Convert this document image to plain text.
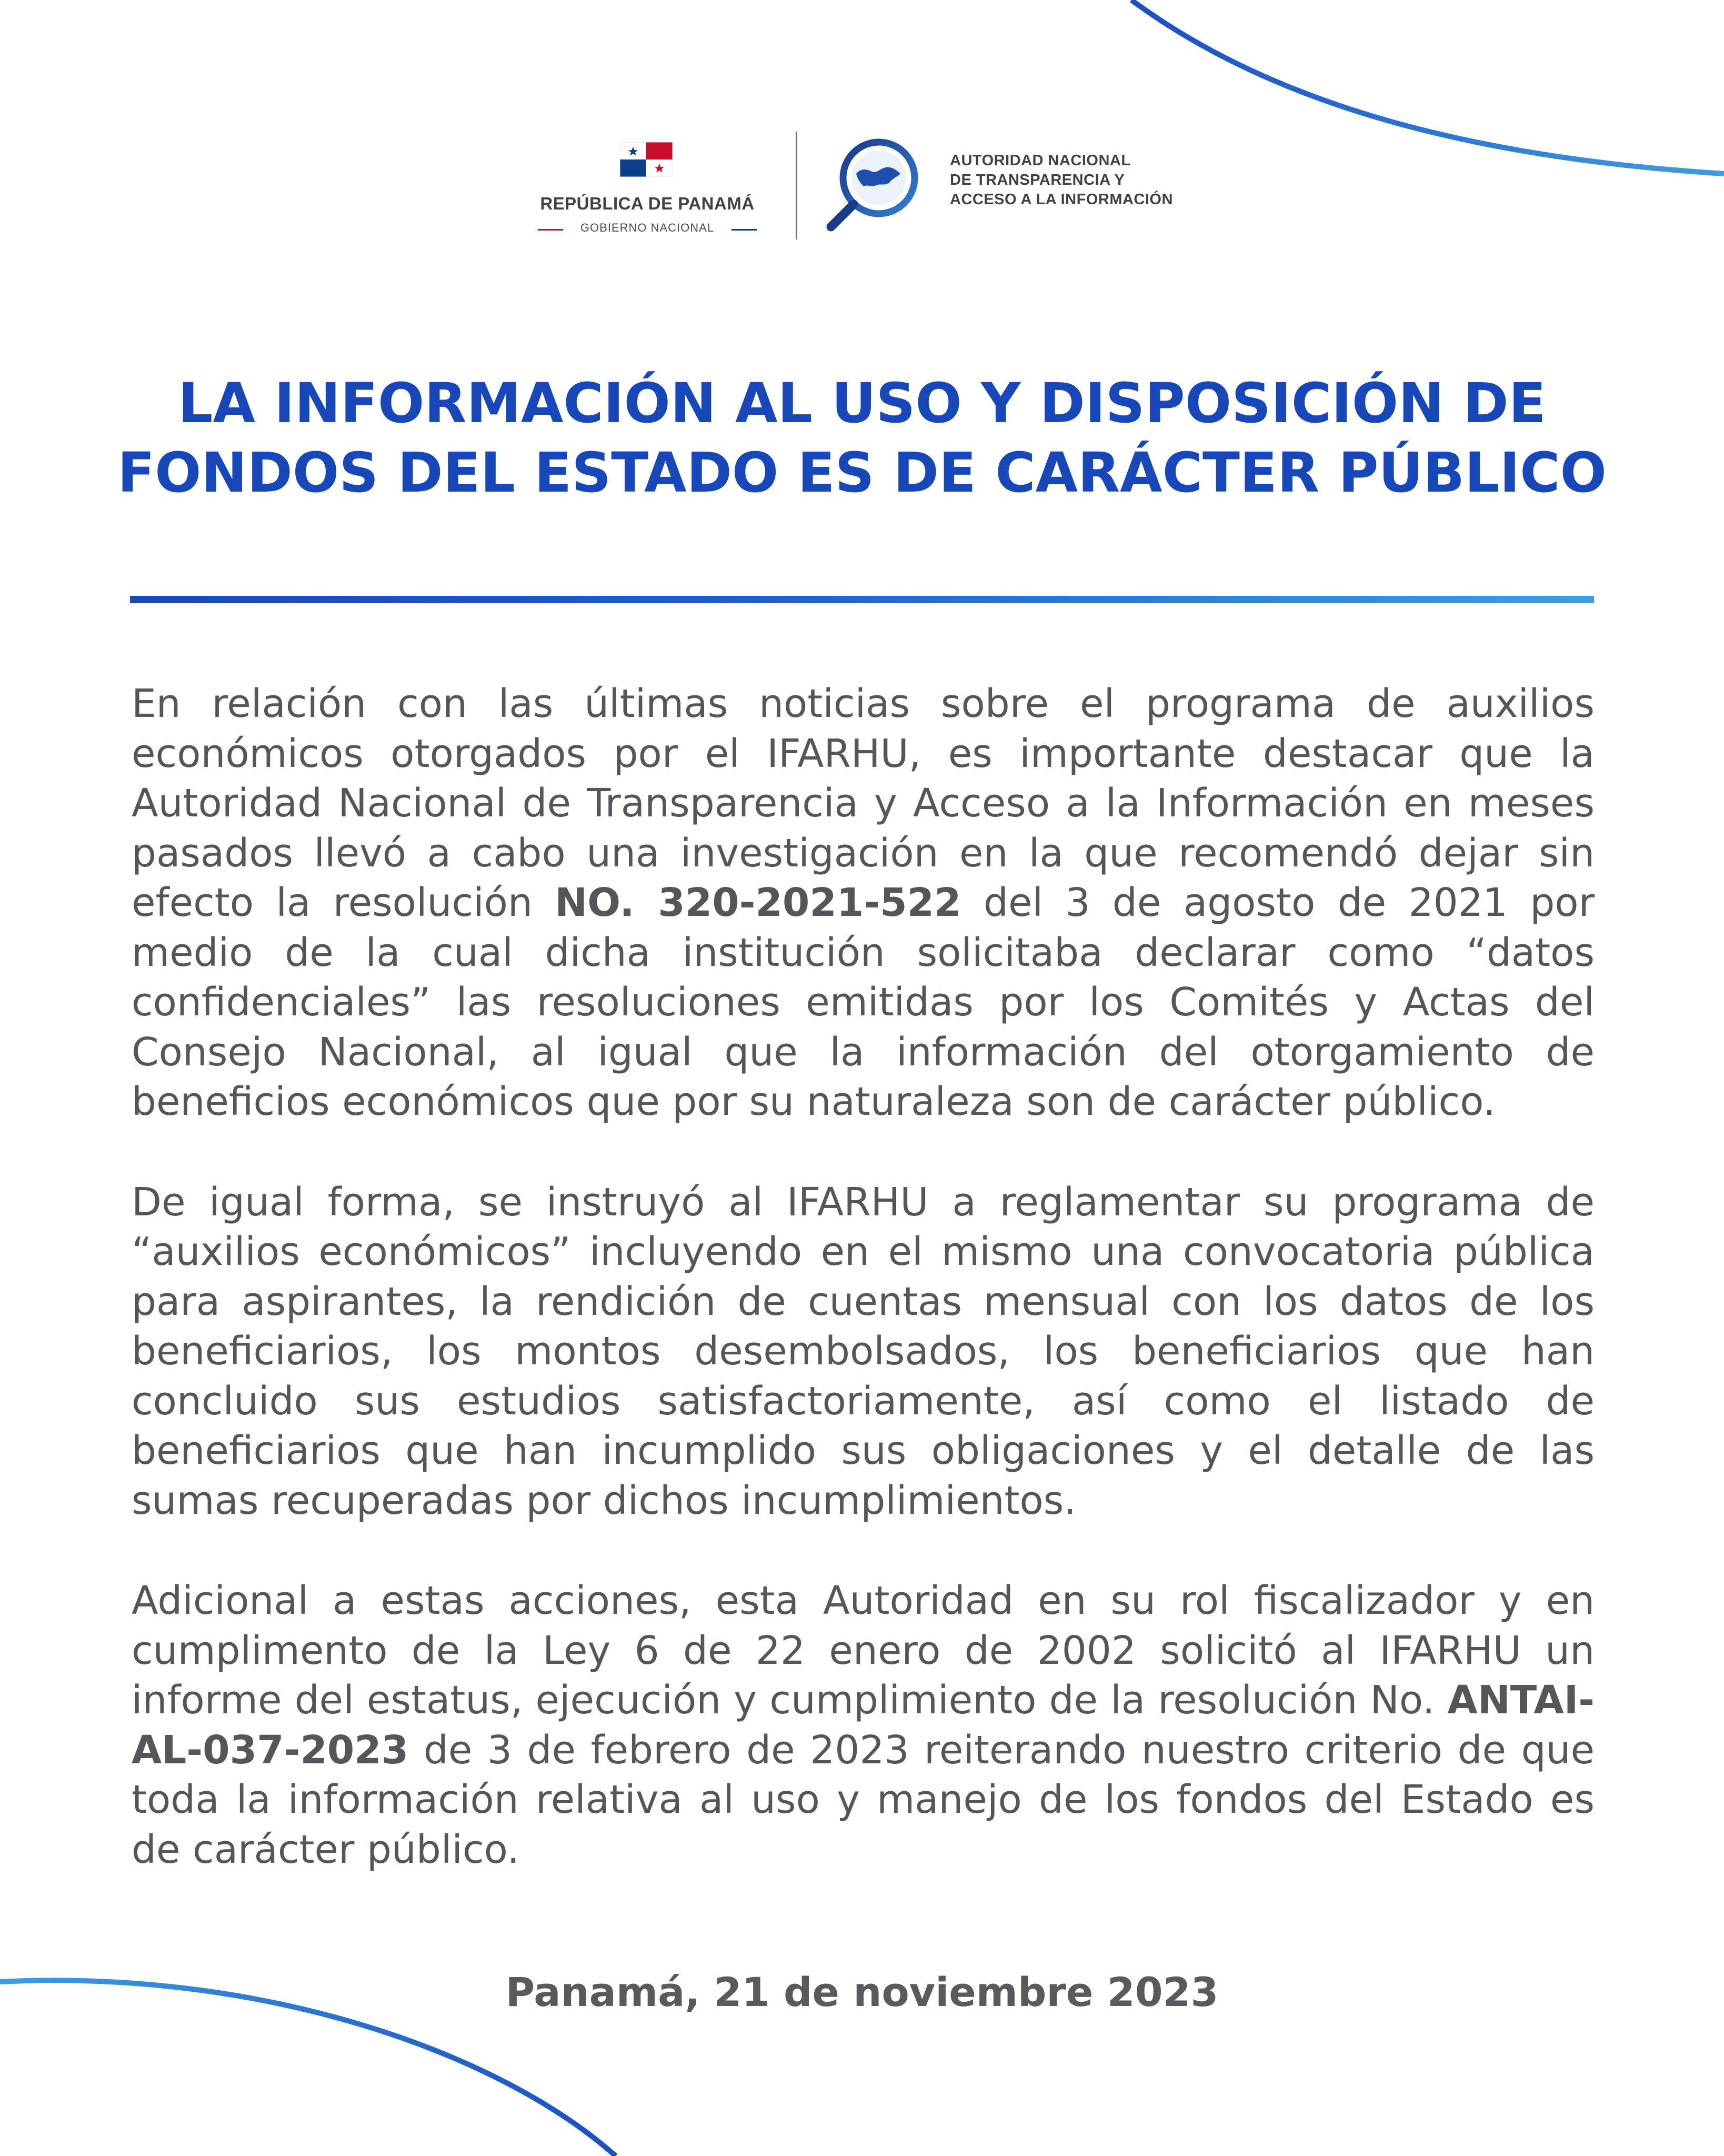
REPÚBLICA DE PANAMÁ
GOBIERNO NACIONAL
AUTORIDAD NACIONAL
DE TRANSPARENCIA Y
ACCESO A LA INFORMACIÓN
LA INFORMACIÓN AL USO Y DISPOSICIÓN DE
FONDOS DEL ESTADO ES DE CARÁCTER PÚBLICO

En relación con las últimas noticias sobre el programa de auxilios económicos otorgados por el IFARHU, es importante destacar que la Autoridad Nacional de Transparencia y Acceso a la Información en meses pasados llevó a cabo una investigación en la que recomendó dejar sin efecto la resolución NO. 320-2021-522 del 3 de agosto de 2021 por medio de la cual dicha institución solicitaba declarar como “datos confidenciales” las resoluciones emitidas por los Comités y Actas del Consejo Nacional, al igual que la información del otorgamiento de beneficios económicos que por su naturaleza son de carácter público.

De igual forma, se instruyó al IFARHU a reglamentar su programa de “auxilios económicos” incluyendo en el mismo una convocatoria pública para aspirantes, la rendición de cuentas mensual con los datos de los beneficiarios, los montos desembolsados, los beneficiarios que han concluido sus estudios satisfactoriamente, así como el listado de beneficiarios que han incumplido sus obligaciones y el detalle de las sumas recuperadas por dichos incumplimientos.

Adicional a estas acciones, esta Autoridad en su rol fiscalizador y en cumplimento de la Ley 6 de 22 enero de 2002 solicitó al IFARHU un informe del estatus, ejecución y cumplimiento de la resolución No. ANTAI-AL-037-2023 de 3 de febrero de 2023 reiterando nuestro criterio de que toda la información relativa al uso y manejo de los fondos del Estado es de carácter público.

Panamá, 21 de noviembre 2023
